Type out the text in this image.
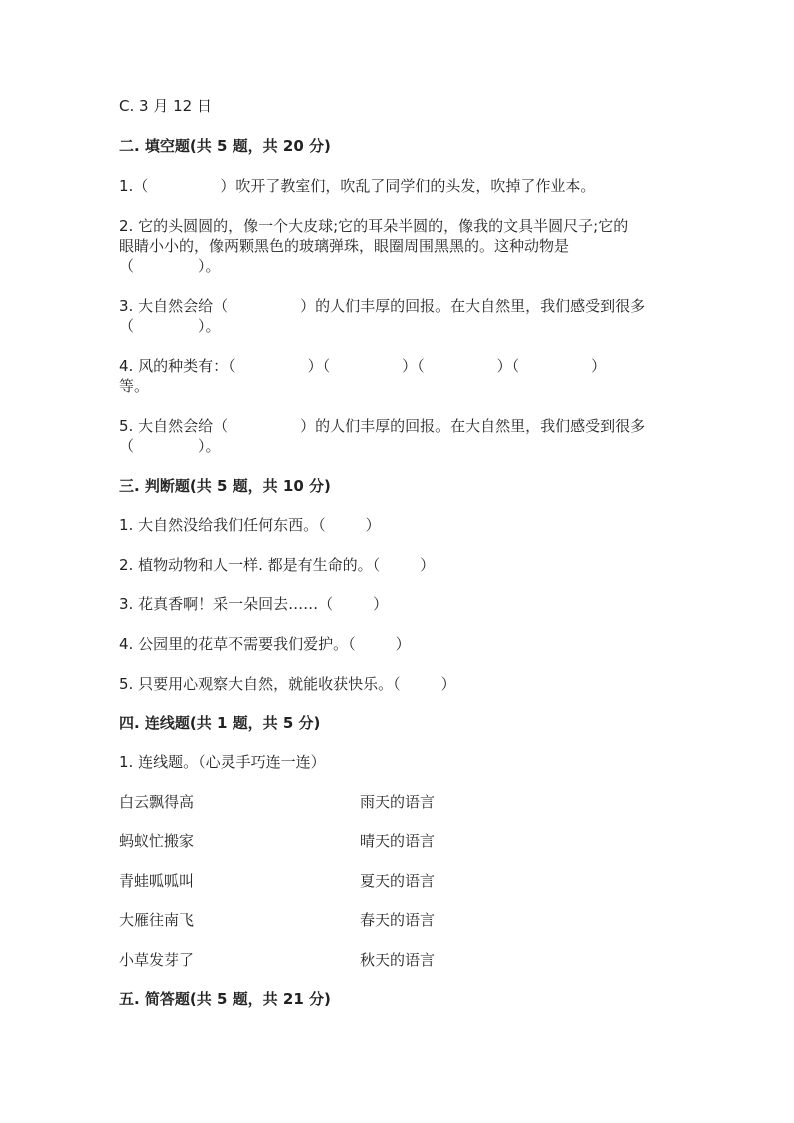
C. 3 月 12 日
二. 填空题(共 5 题，共 20 分)
1.（	）吹开了教室们，吹乱了同学们的头发，吹掉了作业本。
2. 它的头圆圆的，像一个大皮球;它的耳朵半圆的，像我的文具半圆尺子;它的
眼睛小小的，像两颗黑色的玻璃弹珠，眼圈周围黑黑的。这种动物是
（	）。
3. 大自然会给（	）的人们丰厚的回报。在大自然里，我们感受到很多
（	）。
4. 风的种类有：（	）（	）（	）（	）
等。
5. 大自然会给（	）的人们丰厚的回报。在大自然里，我们感受到很多
（	）。
三. 判断题(共 5 题，共 10 分)
1. 大自然没给我们任何东西。（	）
2. 植物动物和人一样. 都是有生命的。（	）
3. 花真香啊！采一朵回去……（	）
4. 公园里的花草不需要我们爱护。（	）
5. 只要用心观察大自然，就能收获快乐。（	）
四. 连线题(共 1 题，共 5 分)
1. 连线题。（心灵手巧连一连）
白云飘得高	雨天的语言
蚂蚁忙搬家	晴天的语言
青蛙呱呱叫	夏天的语言
大雁往南飞	春天的语言
小草发芽了	秋天的语言
五. 简答题(共 5 题，共 21 分)
